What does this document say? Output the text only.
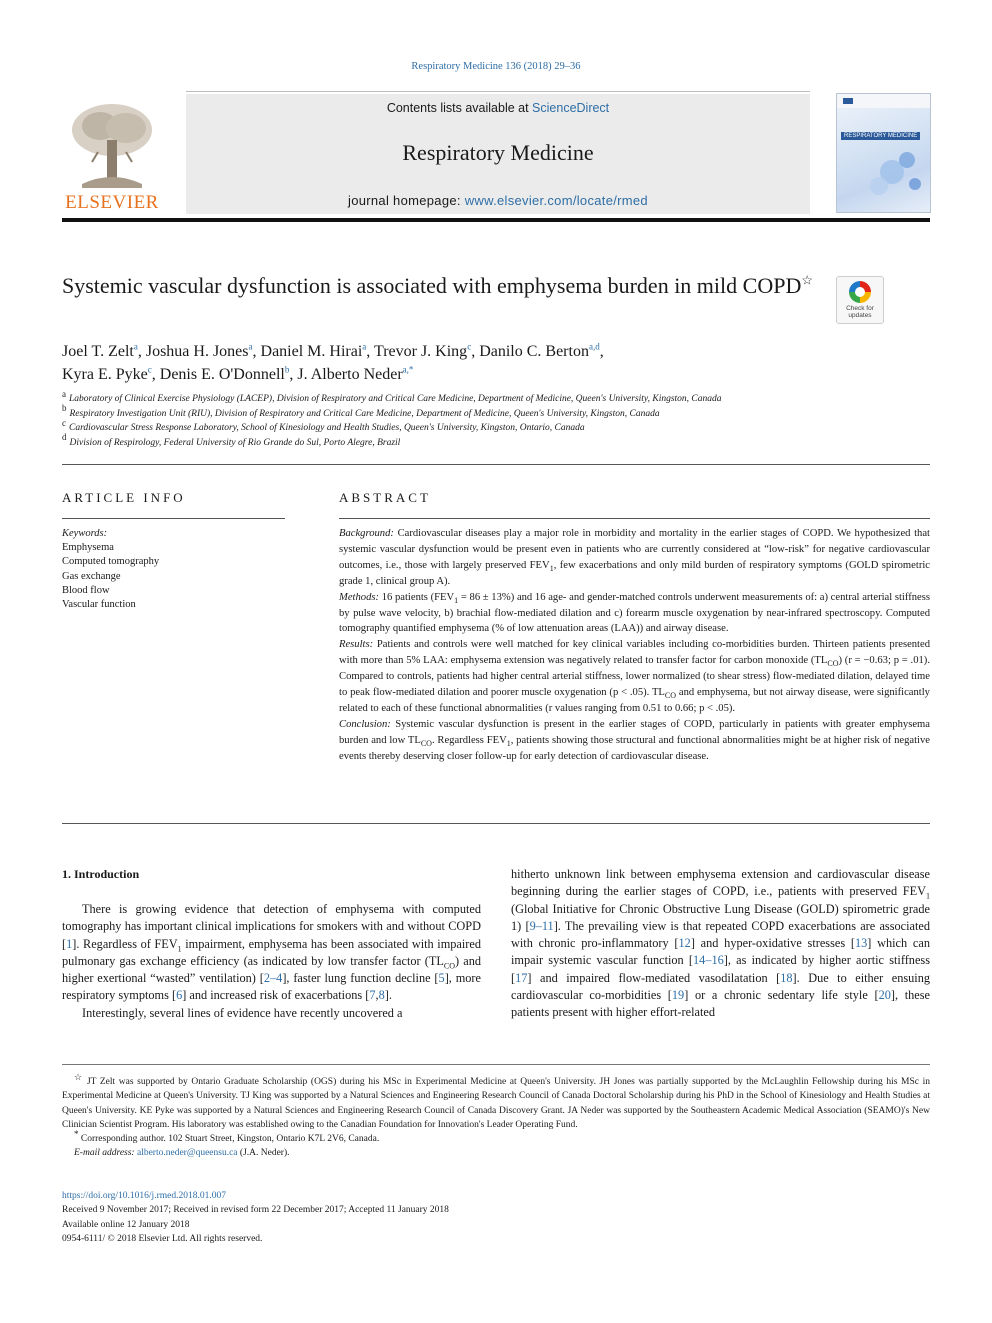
Respiratory Medicine 136 (2018) 29–36
ELSEVIER
Contents lists available at ScienceDirect
Respiratory Medicine
journal homepage: www.elsevier.com/locate/rmed
RESPIRATORY MEDICINE
Systemic vascular dysfunction is associated with emphysema burden in mild COPD☆
Check for updates
Joel T. Zelt$^a$, Joshua H. Jones$^a$, Daniel M. Hirai$^a$, Trevor J. King$^c$, Danilo C. Berton$^{a,d}$,
Kyra E. Pyke$^c$, Denis E. O'Donnell$^b$, J. Alberto Neder$^{a,*}$
$^a$Laboratory of Clinical Exercise Physiology (LACEP), Division of Respiratory and Critical Care Medicine, Department of Medicine, Queen's University, Kingston, Canada
$^b$Respiratory Investigation Unit (RIU), Division of Respiratory and Critical Care Medicine, Department of Medicine, Queen's University, Kingston, Canada
$^c$Cardiovascular Stress Response Laboratory, School of Kinesiology and Health Studies, Queen's University, Kingston, Ontario, Canada
$^d$Division of Respirology, Federal University of Rio Grande do Sul, Porto Alegre, Brazil
ARTICLE INFO
Keywords:
Emphysema
Computed tomography
Gas exchange
Blood flow
Vascular function
ABSTRACT

Background: Cardiovascular diseases play a major role in morbidity and mortality in the earlier stages of COPD. We hypothesized that systemic vascular dysfunction would be present even in patients who are currently considered at “low-risk” for negative cardiovascular outcomes, i.e., those with largely preserved $FEV_1$, few exacerbations and only mild burden of respiratory symptoms (GOLD spirometric grade 1, clinical group A).

Methods: 16 patients $(FEV_1 = 86 \pm 13\%)$ and 16 age- and gender-matched controls underwent measurements of: a) central arterial stiffness by pulse wave velocity, b) brachial flow-mediated dilation and c) forearm muscle oxygenation by near-infrared spectroscopy. Computed tomography quantified emphysema (% of low attenuation areas (LAA)) and airway disease.

Results: Patients and controls were well matched for key clinical variables including co-morbidities burden. Thirteen patients presented with more than 5% LAA: emphysema extension was negatively related to transfer factor for carbon monoxide $(TL_{CO}) (r = -0.63$; p = .01). Compared to controls, patients had higher central arterial stiffness, lower normalized (to shear stress) flow-mediated dilation, delayed time to peak flow-mediated dilation and poorer muscle oxygenation (p < .05). $TL_{CO}$ and emphysema, but not airway disease, were significantly related to each of these functional abnormalities (r values ranging from 0.51 to 0.66; p < .05).

Conclusion: Systemic vascular dysfunction is present in the earlier stages of COPD, particularly in patients with greater emphysema burden and low $TL_{CO}$. Regardless $FEV_1$, patients showing those structural and functional abnormalities might be at higher risk of negative events thereby deserving closer follow-up for early detection of cardiovascular disease.

1. Introduction

There is growing evidence that detection of emphysema with computed tomography has important clinical implications for smokers with and without COPD [1]. Regardless of $FEV_1$ impairment, emphysema has been associated with impaired pulmonary gas exchange efficiency (as indicated by low transfer factor $(TL_{CO})$ and higher exertional “wasted” ventilation) [2–4], faster lung function decline [5], more respiratory symptoms [6] and increased risk of exacerbations [7,8].

Interestingly, several lines of evidence have recently uncovered a

hitherto unknown link between emphysema extension and cardiovascular disease beginning during the earlier stages of COPD, i.e., patients with preserved $FEV_1$ (Global Initiative for Chronic Obstructive Lung Disease (GOLD) spirometric grade 1) [9–11]. The prevailing view is that repeated COPD exacerbations are associated with chronic pro-inflammatory [12] and hyper-oxidative stresses [13] which can impair systemic vascular function [14–16], as indicated by higher aortic stiffness [17] and impaired flow-mediated vasodilatation [18]. Due to either ensuing cardiovascular co-morbidities [19] or a chronic sedentary life style [20], these patients present with higher effort-related

☆ JT Zelt was supported by Ontario Graduate Scholarship (OGS) during his MSc in Experimental Medicine at Queen's University. JH Jones was partially supported by the McLaughlin Fellowship during his MSc in Experimental Medicine at Queen's University. TJ King was supported by a Natural Sciences and Engineering Research Council of Canada Doctoral Scholarship during his PhD in the School of Kinesiology and Health Studies at Queen's University. KE Pyke was supported by a Natural Sciences and Engineering Research Council of Canada Discovery Grant. JA Neder was supported by the Southeastern Academic Medical Association (SEAMO)'s New Clinician Scientist Program. His laboratory was established owing to the Canadian Foundation for Innovation's Leader Operating Fund.

* Corresponding author. 102 Stuart Street, Kingston, Ontario K7L 2V6, Canada.

E-mail address: alberto.neder@queensu.ca (J.A. Neder).

https://doi.org/10.1016/j.rmed.2018.01.007
Received 9 November 2017; Received in revised form 22 December 2017; Accepted 11 January 2018
Available online 12 January 2018
0954-6111/ © 2018 Elsevier Ltd. All rights reserved.
